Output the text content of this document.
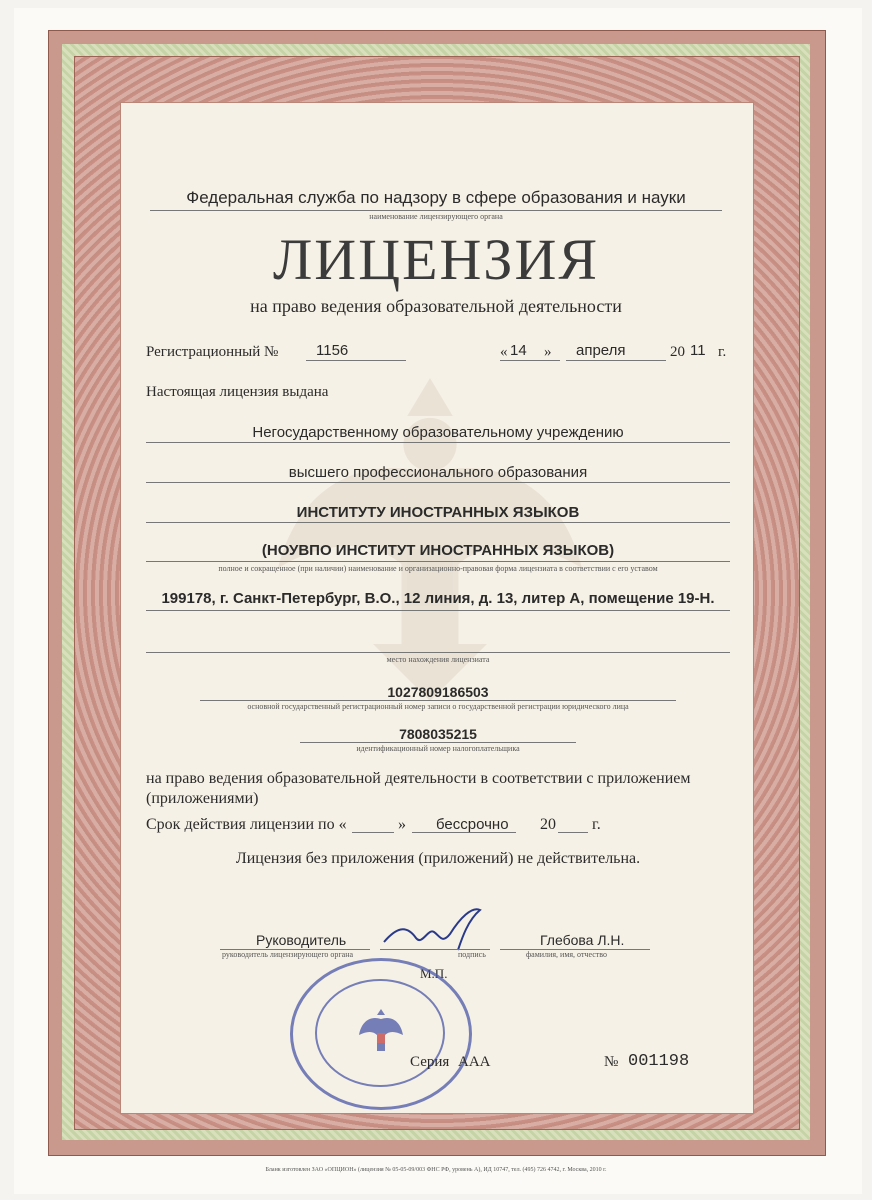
Федеральная служба по надзору в сфере образования и науки
наименование лицензирующего органа
ЛИЦЕНЗИЯ
на право ведения образовательной деятельности
Регистрационный №	1156	« 14 » апреля	20 11 г.
Настоящая лицензия выдана
Негосударственному образовательному учреждению
высшего профессионального образования
ИНСТИТУТУ ИНОСТРАННЫХ ЯЗЫКОВ
(НОУВПО ИНСТИТУТ ИНОСТРАННЫХ ЯЗЫКОВ)
полное и сокращенное (при наличии) наименование и организационно-правовая форма лицензиата в соответствии с его уставом
199178, г. Санкт-Петербург, В.О., 12 линия, д. 13, литер А, помещение 19-Н.
место нахождения лицензиата
1027809186503
основной государственный регистрационный номер записи о государственной регистрации юридического лица
7808035215
идентификационный номер налогоплательщика
на право ведения образовательной деятельности в соответствии с приложением
(приложениями)
Срок действия лицензии по «	» бессрочно 20 г.
Лицензия без приложения (приложений) не действительна.
Руководитель
руководитель лицензирующего органа	подпись
Глебова Л.Н.
фамилия, имя, отчество
М.П.
Серия ААА	№ 001198
Бланк изготовлен ЗАО «ОПЦИОН» (лицензия № 05-05-09/003 ФНС РФ, уровень А), ИД 10747, тел. (495) 726 4742, г. Москва, 2010 г.
